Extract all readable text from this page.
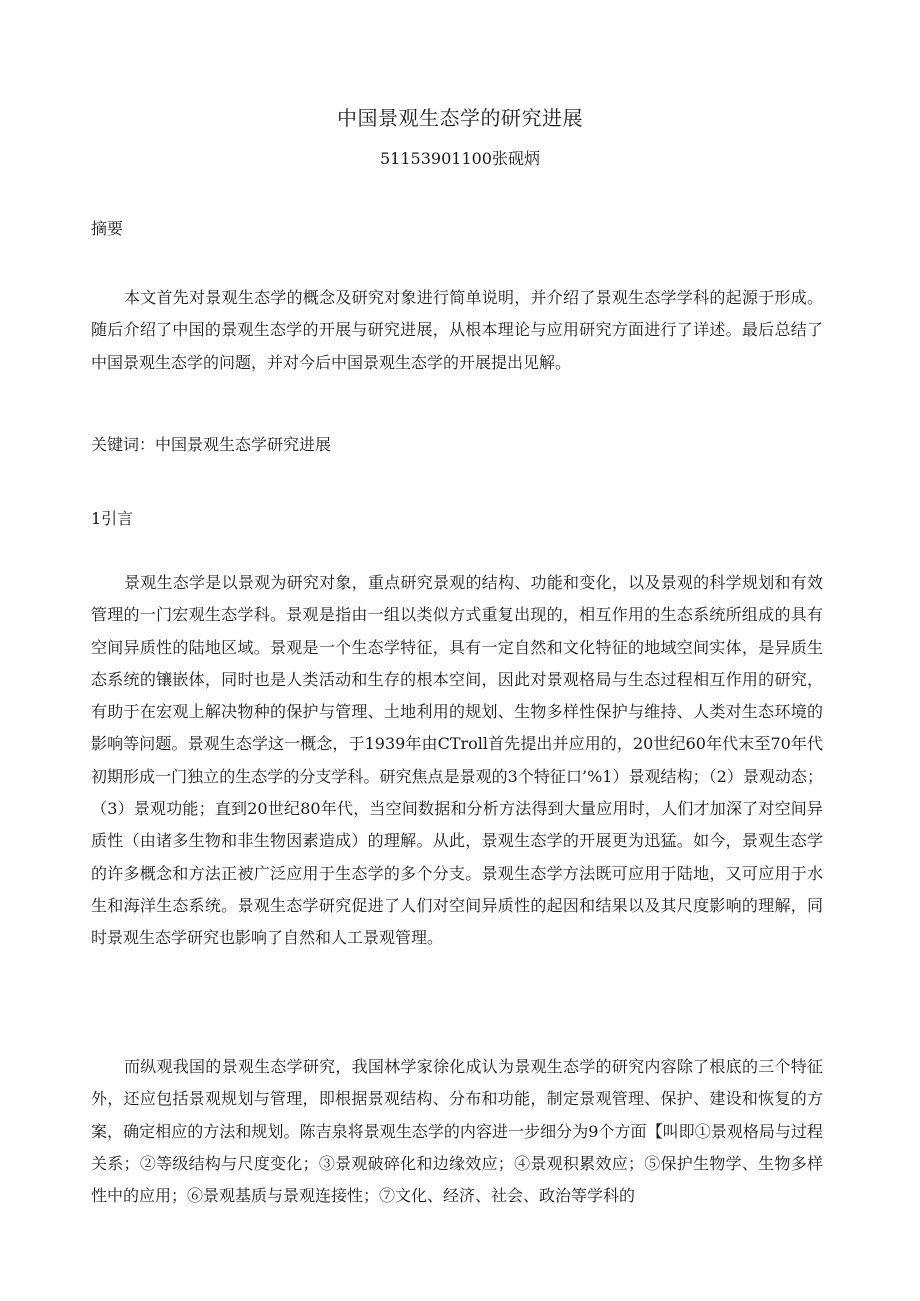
中国景观生态学的研究进展
51153901100张砚炳
摘要

本文首先对景观生态学的概念及研究对象进行简单说明，并介绍了景观生态学学科的起源于形成。随后介绍了中国的景观生态学的开展与研究进展，从根本理论与应用研究方面进行了详述。最后总结了中国景观生态学的问题，并对今后中国景观生态学的开展提出见解。

关键词：中国景观生态学研究进展
1引言

景观生态学是以景观为研究对象，重点研究景观的结构、功能和变化，以及景观的科学规划和有效管理的一门宏观生态学科。景观是指由一组以类似方式重复出现的，相互作用的生态系统所组成的具有空间异质性的陆地区域。景观是一个生态学特征，具有一定自然和文化特征的地域空间实体，是异质生态系统的镶嵌体，同时也是人类活动和生存的根本空间，因此对景观格局与生态过程相互作用的研究，有助于在宏观上解决物种的保护与管理、土地利用的规划、生物多样性保护与维持、人类对生态环境的影响等问题。景观生态学这一概念，于1939年由CTroll首先提出并应用的，20世纪60年代末至70年代初期形成一门独立的生态学的分支学科。研究焦点是景观的3个特征口’%1）景观结构；（2）景观动态；（3）景观功能；直到20世纪80年代，当空间数据和分析方法得到大量应用时，人们才加深了对空间异质性（由诸多生物和非生物因素造成）的理解。从此，景观生态学的开展更为迅猛。如今，景观生态学的许多概念和方法正被广泛应用于生态学的多个分支。景观生态学方法既可应用于陆地，又可应用于水生和海洋生态系统。景观生态学研究促进了人们对空间异质性的起因和结果以及其尺度影响的理解，同时景观生态学研究也影响了自然和人工景观管理。

而纵观我国的景观生态学研究，我国林学家徐化成认为景观生态学的研究内容除了根底的三个特征外，还应包括景观规划与管理，即根据景观结构、分布和功能，制定景观管理、保护、建设和恢复的方案，确定相应的方法和规划。陈吉泉将景观生态学的内容进一步细分为9个方面【叫即①景观格局与过程关系；②等级结构与尺度变化；③景观破碎化和边缘效应；④景观积累效应；⑤保护生物学、生物多样性中的应用；⑥景观基质与景观连接性；⑦文化、经济、社会、政治等学科的
